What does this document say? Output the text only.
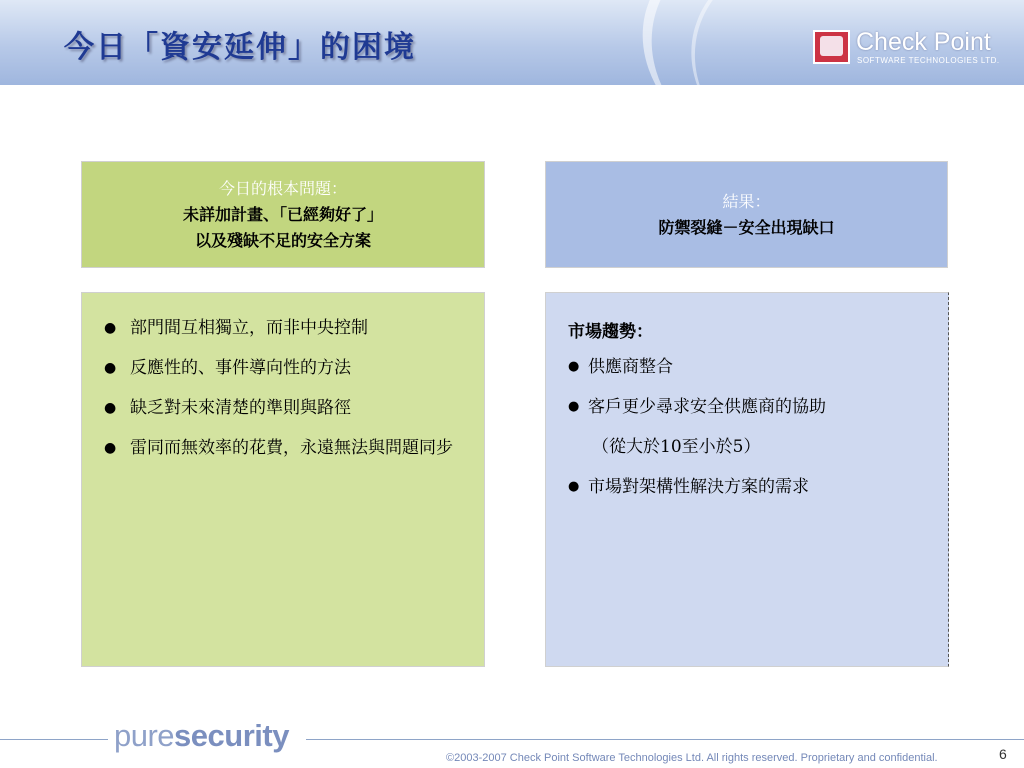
今日「資安延伸」的困境	Check Point
SOFTWARE TECHNOLOGIES LTD.
今日的根本問題：
未詳加計畫、「已經夠好了」
以及殘缺不足的安全方案
結果：
防禦裂縫－安全出現缺口
● 部門間互相獨立，而非中央控制
● 反應性的、事件導向性的方法
● 缺乏對未來清楚的準則與路徑
● 雷同而無效率的花費，永遠無法與問題同步
市場趨勢：
● 供應商整合
● 客戶更少尋求安全供應商的協助
（從大於10至小於5）
● 市場對架構性解決方案的需求
puresecurity
©2003-2007 Check Point Software Technologies Ltd. All rights reserved. Proprietary and confidential.	6
